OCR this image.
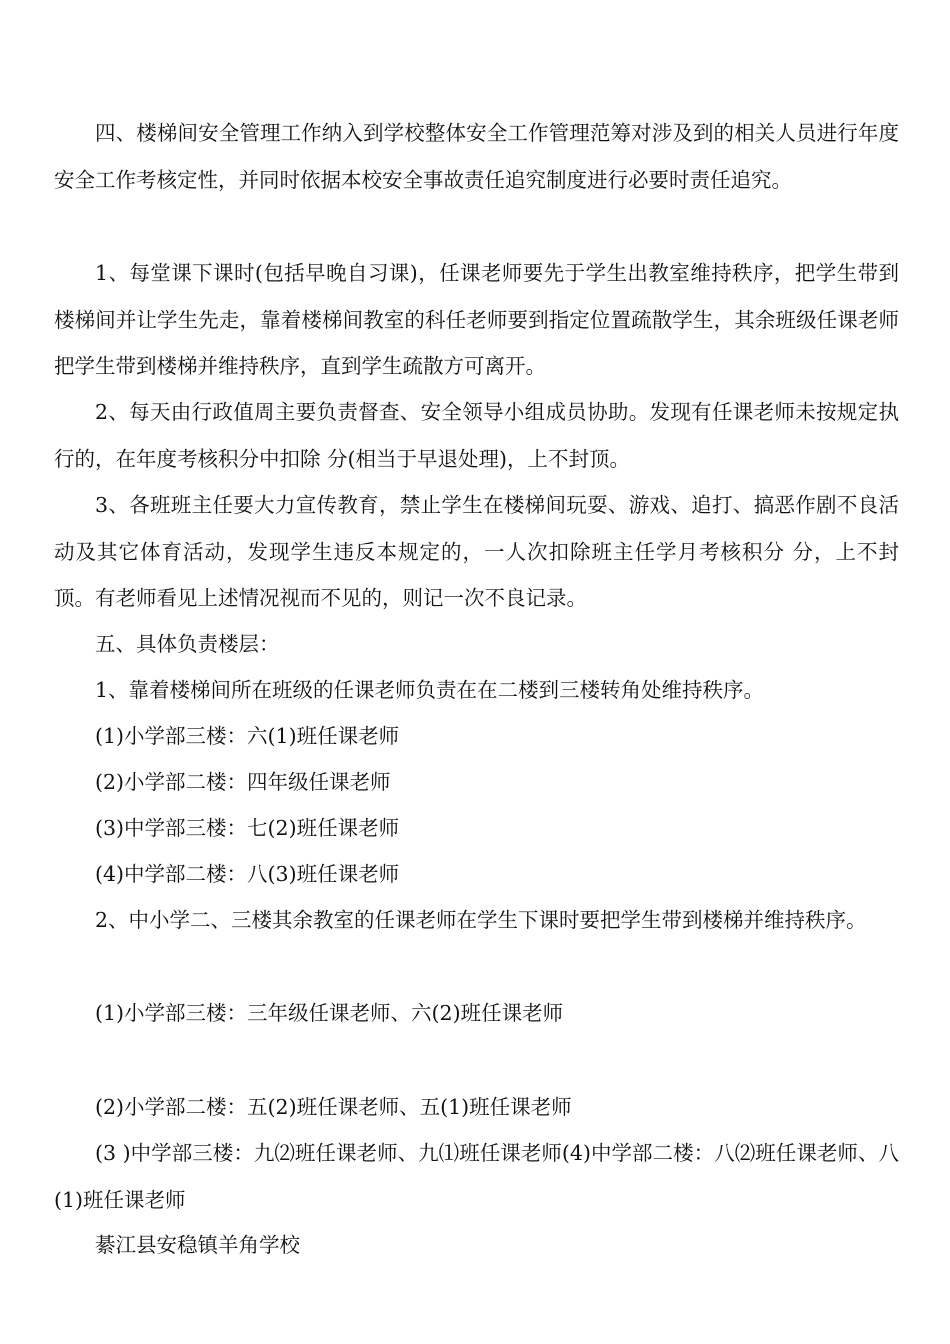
四、楼梯间安全管理工作纳入到学校整体安全工作管理范筹对涉及到的相关人员进行年度安全工作考核定性，并同时依据本校安全事故责任追究制度进行必要时责任追究。

1、每堂课下课时(包括早晚自习课)，任课老师要先于学生出教室维持秩序，把学生带到楼梯间并让学生先走，靠着楼梯间教室的科任老师要到指定位置疏散学生，其余班级任课老师把学生带到楼梯并维持秩序，直到学生疏散方可离开。

2、每天由行政值周主要负责督查、安全领导小组成员协助。发现有任课老师未按规定执行的，在年度考核积分中扣除 分(相当于早退处理)，上不封顶。

3、各班班主任要大力宣传教育，禁止学生在楼梯间玩耍、游戏、追打、搞恶作剧不良活动及其它体育活动，发现学生违反本规定的，一人次扣除班主任学月考核积分 分，上不封顶。有老师看见上述情况视而不见的，则记一次不良记录。

五、具体负责楼层：

1、靠着楼梯间所在班级的任课老师负责在在二楼到三楼转角处维持秩序。

(1)小学部三楼：六(1)班任课老师

(2)小学部二楼：四年级任课老师

(3)中学部三楼：七(2)班任课老师

(4)中学部二楼：八(3)班任课老师

2、中小学二、三楼其余教室的任课老师在学生下课时要把学生带到楼梯并维持秩序。

(1)小学部三楼：三年级任课老师、六(2)班任课老师

(2)小学部二楼：五(2)班任课老师、五(1)班任课老师

(3 )中学部三楼：九⑵班任课老师、九⑴班任课老师(4)中学部二楼：八⑵班任课老师、八(1)班任课老师

綦江县安稳镇羊角学校
